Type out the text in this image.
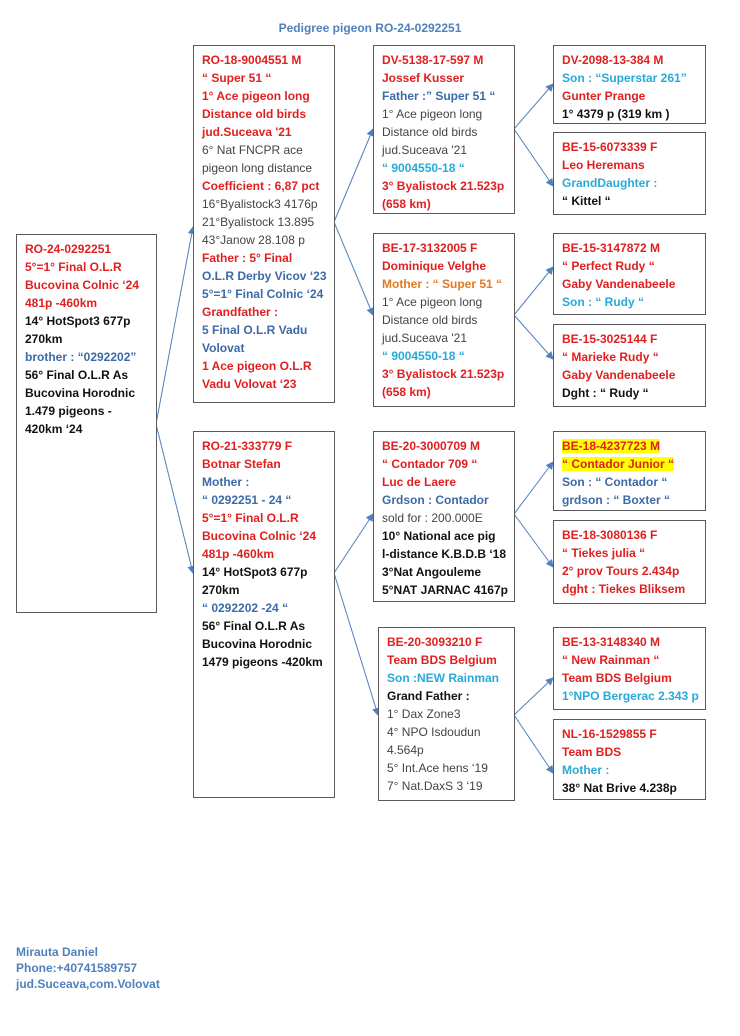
Pedigree pigeon RO-24-0292251
RO-24-0292251
5°=1° Final O.L.R
Bucovina Colnic ‘24
481p -460km
14° HotSpot3 677p
270km
brother : “0292202”
56° Final O.L.R As
Bucovina Horodnic
1.479 pigeons -
420km ‘24
RO-18-9004551 M
“ Super 51 “
1° Ace pigeon long
Distance old birds
jud.Suceava '21
6° Nat FNCPR ace
pigeon long distance
Coefficient : 6,87 pct
16°Byalistock3 4176p
21°Byalistock 13.895
43°Janow 28.108 p
Father : 5° Final
O.L.R Derby Vicov ‘23
5°=1° Final Colnic ‘24
Grandfather :
5 Final O.L.R Vadu
Volovat
1 Ace pigeon O.L.R
Vadu Volovat ‘23
RO-21-333779 F
Botnar Stefan
Mother :
“ 0292251 - 24 “
5°=1° Final O.L.R
Bucovina Colnic ‘24
481p -460km
14° HotSpot3 677p
270km
“ 0292202 -24 “
56° Final O.L.R As
Bucovina Horodnic
1479 pigeons -420km
DV-5138-17-597 M
Jossef Kusser
Father :” Super 51 “
1° Ace pigeon long
Distance old birds
jud.Suceava '21
“ 9004550-18 “
3° Byalistock 21.523p
(658 km)
BE-17-3132005 F
Dominique Velghe
Mother : “ Super 51 “
1° Ace pigeon long
Distance old birds
jud.Suceava '21
“ 9004550-18 “
3° Byalistock 21.523p
(658 km)
BE-20-3000709 M
“ Contador 709 “
Luc de Laere
Grdson : Contador
sold for : 200.000E
10° National ace pig
l-distance K.B.D.B ‘18
3°Nat Angouleme
5°NAT JARNAC 4167p
BE-20-3093210 F
Team BDS Belgium
Son :NEW Rainman
Grand Father :
1° Dax Zone3
4° NPO Isdoudun
4.564p
5° Int.Ace hens ‘19
7° Nat.DaxS 3 ‘19
DV-2098-13-384 M
Son : “Superstar 261”
Gunter Prange
1° 4379 p (319 km )
BE-15-6073339 F
Leo Heremans
GrandDaughter :
“ Kittel “
BE-15-3147872 M
“ Perfect Rudy “
Gaby Vandenabeele
Son : “ Rudy “
BE-15-3025144 F
“ Marieke Rudy “
Gaby Vandenabeele
Dght : “ Rudy “
BE-18-4237723 M
“ Contador Junior “
Son : “ Contador “
grdson : “ Boxter “
BE-18-3080136 F
“ Tiekes julia “
2° prov Tours 2.434p
dght : Tiekes Bliksem
BE-13-3148340 M
“ New Rainman “
Team BDS Belgium
1°NPO Bergerac 2.343 p
NL-16-1529855 F
Team BDS
Mother :
38° Nat Brive 4.238p
Mirauta Daniel
Phone:+40741589757
jud.Suceava,com.Volovat
